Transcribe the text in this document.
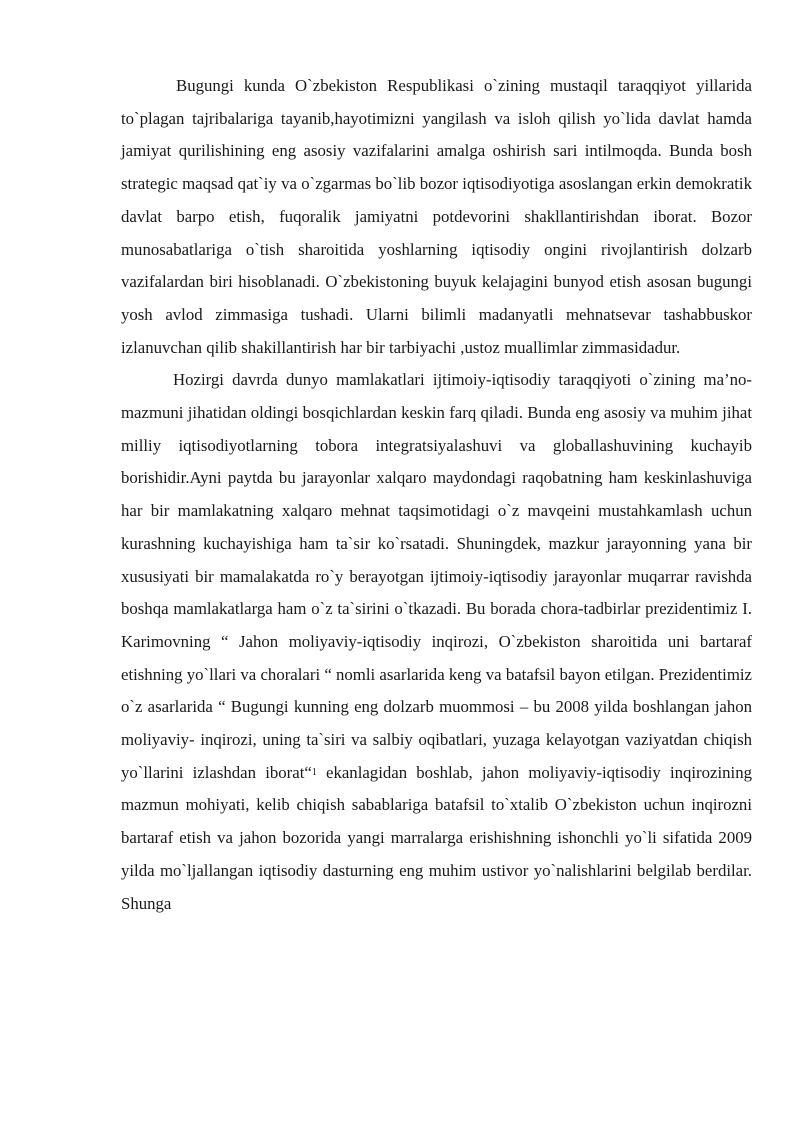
Bugungi kunda O`zbekiston Respublikasi o`zining mustaqil taraqqiyot yillarida to`plagan tajribalariga tayanib,hayotimizni yangilash va isloh qilish yo`lida davlat hamda jamiyat qurilishining eng asosiy vazifalarini amalga oshirish sari intilmoqda. Bunda bosh strategic maqsad qat`iy va o`zgarmas bo`lib bozor iqtisodiyotiga asoslangan erkin demokratik davlat barpo etish, fuqoralik jamiyatni potdevorini shakllantirishdan iborat. Bozor munosabatlariga o`tish sharoitida yoshlarning iqtisodiy ongini rivojlantirish dolzarb vazifalardan biri hisoblanadi. O`zbekistoning buyuk kelajagini bunyod etish asosan bugungi yosh avlod zimmasiga tushadi. Ularni bilimli madanyatli mehnatsevar tashabbuskor izlanuvchan qilib shakillantirish har bir tarbiyachi ,ustoz muallimlar zimmasidadur.

Hozirgi davrda dunyo mamlakatlari ijtimoiy-iqtisodiy taraqqiyoti o`zining ma’no-mazmuni jihatidan oldingi bosqichlardan keskin farq qiladi. Bunda eng asosiy va muhim jihat milliy iqtisodiyotlarning tobora integratsiyalashuvi va globallashuvining kuchayib borishidir.Ayni paytda bu jarayonlar xalqaro maydondagi raqobatning ham keskinlashuviga har bir mamlakatning xalqaro mehnat taqsimotidagi o`z mavqeini mustahkamlash uchun kurashning kuchayishiga ham ta`sir ko`rsatadi. Shuningdek, mazkur jarayonning yana bir xususiyati bir mamalakatda ro`y berayotgan ijtimoiy-iqtisodiy jarayonlar muqarrar ravishda boshqa mamlakatlarga ham o`z ta`sirini o`tkazadi. Bu borada chora-tadbirlar prezidentimiz I. Karimovning “ Jahon moliyaviy-iqtisodiy inqirozi, O`zbekiston sharoitida uni bartaraf etishning yo`llari va choralari “ nomli asarlarida keng va batafsil bayon etilgan. Prezidentimiz o`z asarlarida “ Bugungi kunning eng dolzarb muommosi – bu 2008 yilda boshlangan jahon moliyaviy- inqirozi, uning ta`siri va salbiy oqibatlari, yuzaga kelayotgan vaziyatdan chiqish yo`llarini izlashdan iborat“$^1$ ekanlagidan boshlab, jahon moliyaviy-iqtisodiy inqirozining mazmun mohiyati, kelib chiqish sabablariga batafsil to`xtalib O`zbekiston uchun inqirozni bartaraf etish va jahon bozorida yangi marralarga erishishning ishonchli yo`li sifatida 2009 yilda mo`ljallangan iqtisodiy dasturning eng muhim ustivor yo`nalishlarini belgilab berdilar. Shunga
